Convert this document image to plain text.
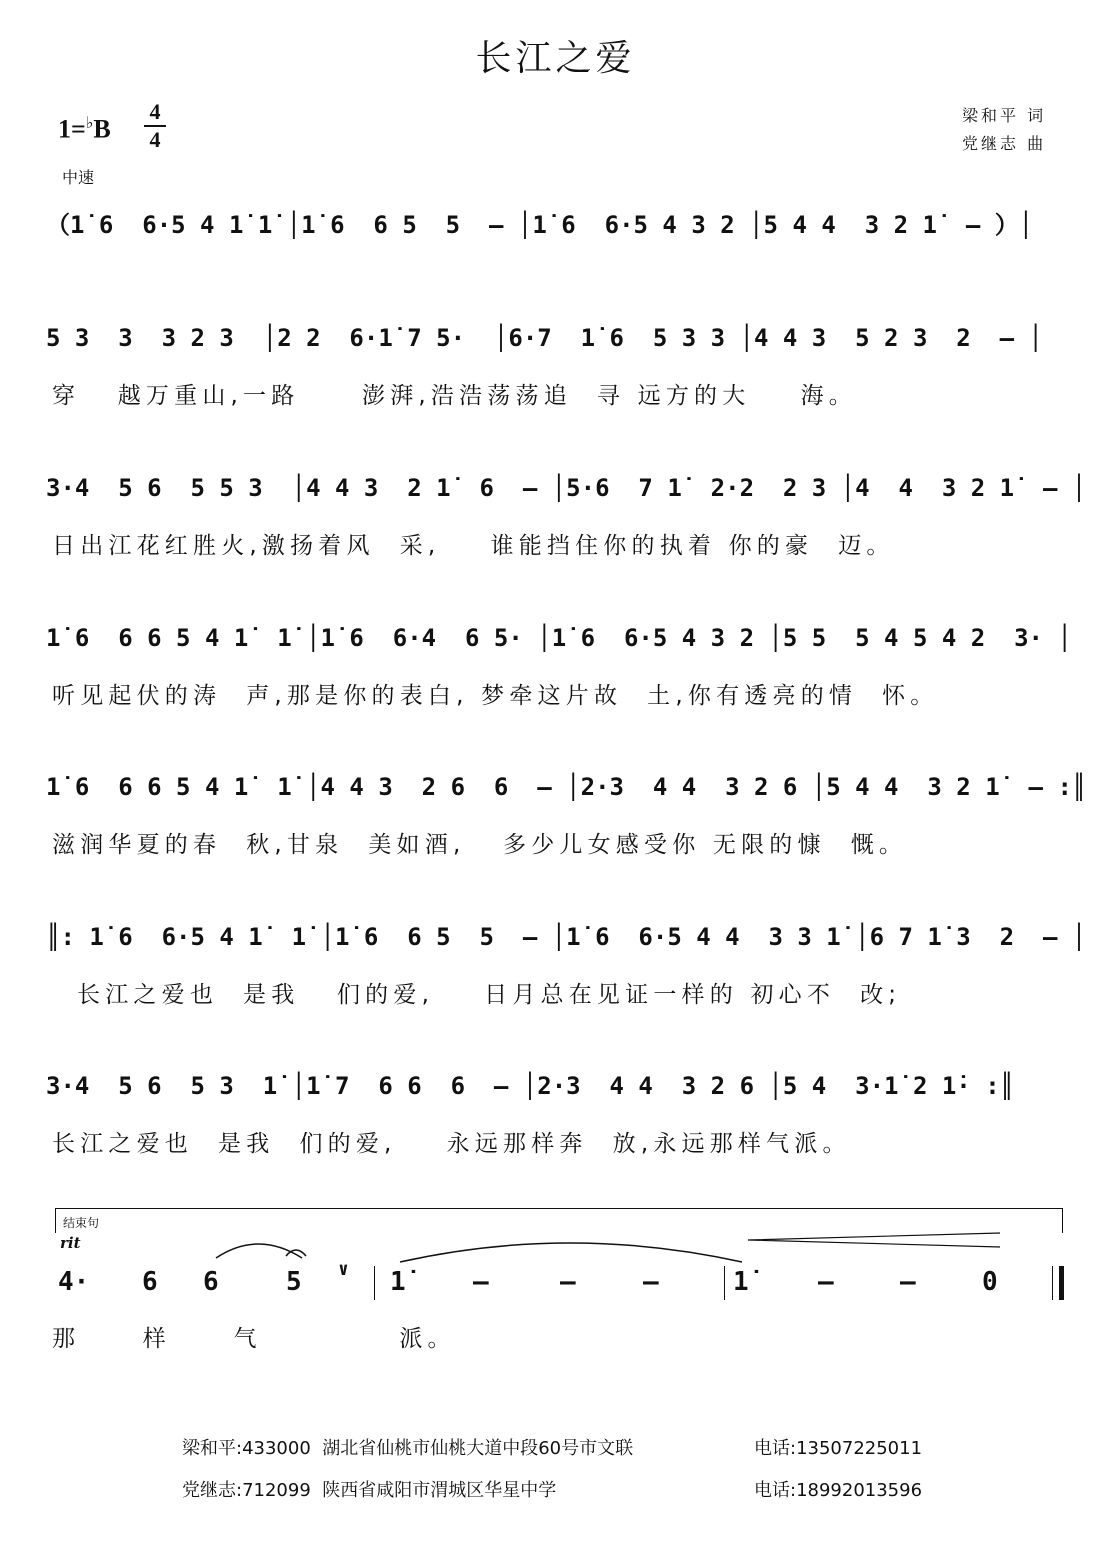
长江之爱
1=♭B
4
4
中速
梁和平 词
党继志 曲
（1̇ 6  6·5 4 1̇ 1̇ │1̇ 6  6 5  5  – │1̇ 6  6·5 4 3 2 │5 4 4  3 2 1̇  – ）│
5 3  3  3 2 3  │2 2  6·1̇ 7 5·  │6·7  1̇ 6  5 3 3 │4 4 3  5 2 3  2  – │
穿   越万重山,一路     澎湃,浩浩荡荡追  寻 远方的大    海。
3·4  5 6  5 5 3  │4 4 3  2 1̇  6  – │5·6  7 1̇  2·2  2 3 │4  4  3 2 1̇  – │
日出江花红胜火,激扬着风  采,    谁能挡住你的执着 你的豪  迈。
1̇ 6  6 6 5 4 1̇  1̇ │1̇ 6  6·4  6 5· │1̇ 6  6·5 4 3 2 │5 5  5 4 5 4 2  3· │
听见起伏的涛  声,那是你的表白, 梦牵这片故  土,你有透亮的情  怀。
1̇ 6  6 6 5 4 1̇  1̇ │4 4 3  2 6  6  – │2·3  4 4  3 2 6 │5 4 4  3 2 1̇  – :║
滋润华夏的春  秋,甘泉  美如酒,   多少儿女感受你 无限的慷  慨。
║: 1̇ 6  6·5 4 1̇  1̇ │1̇ 6  6 5  5  – │1̇ 6  6·5 4 4  3 3 1̇ │6 7 1̇ 3  2  – │
长江之爱也  是我   们的爱,    日月总在见证一样的 初心不  改;
3·4  5 6  5 3  1̇ │1̇ 7  6 6  6  – │2·3  4 4  3 2 6 │5 4  3·1̇ 2 1̇· :║
长江之爱也  是我  们的爱,    永远那样奔  放,永远那样气派。
结束句
rit
4· 6 6	5 ∨ 1̇	–	–	–	1̇	–	–	0
那     样     气           派。
梁和平:433000  湖北省仙桃市仙桃大道中段60号市文联	电话:13507225011
党继志:712099  陕西省咸阳市渭城区华星中学	电话:18992013596
